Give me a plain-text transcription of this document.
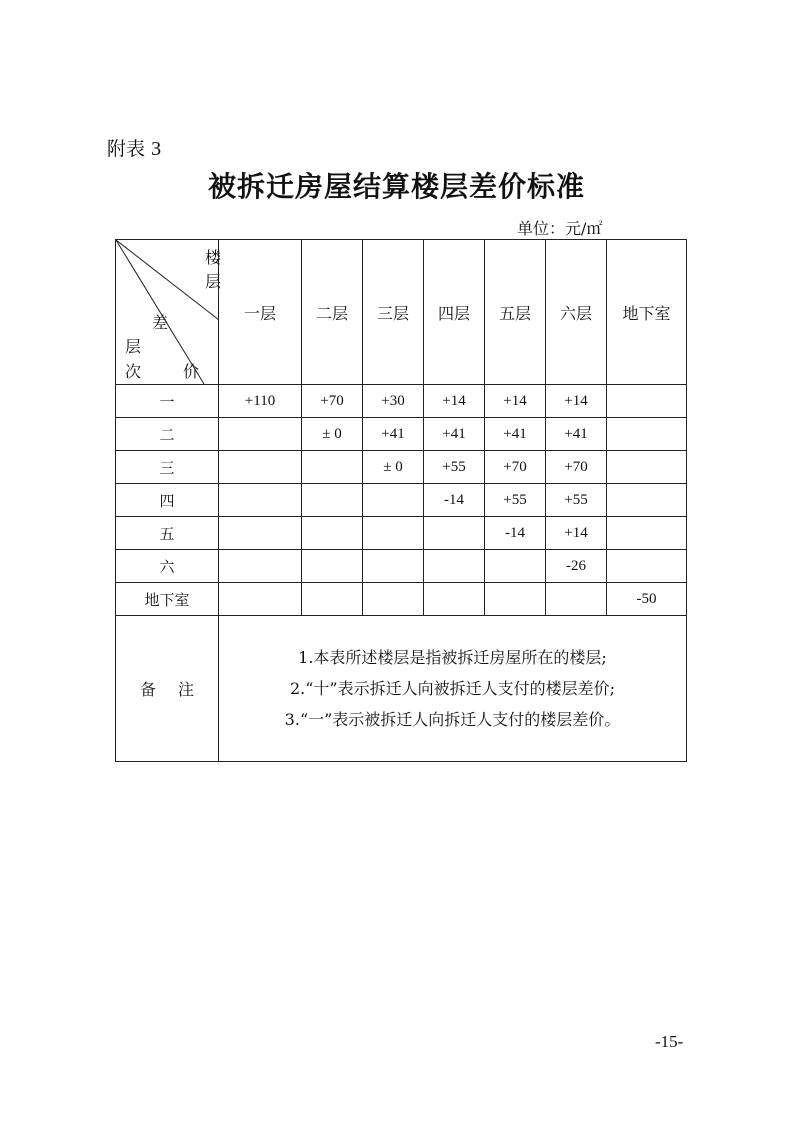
附表 3
被拆迁房屋结算楼层差价标准
单位：元/㎡
楼层
差
层
次 价	一层	二层	三层	四层	五层	六层	地下室
一	+110	+70	+30	+14	+14	+14	
二		± 0	+41	+41	+41	+41	
三			± 0	+55	+70	+70	
四				-14	+55	+55	
五					-14	+14	
六						-26	
地下室							-50
备注	1.本表所述楼层是指被拆迁房屋所在的楼层;
2.“十”表示拆迁人向被拆迁人支付的楼层差价;
3.“一”表示被拆迁人向拆迁人支付的楼层差价。						
-15-
